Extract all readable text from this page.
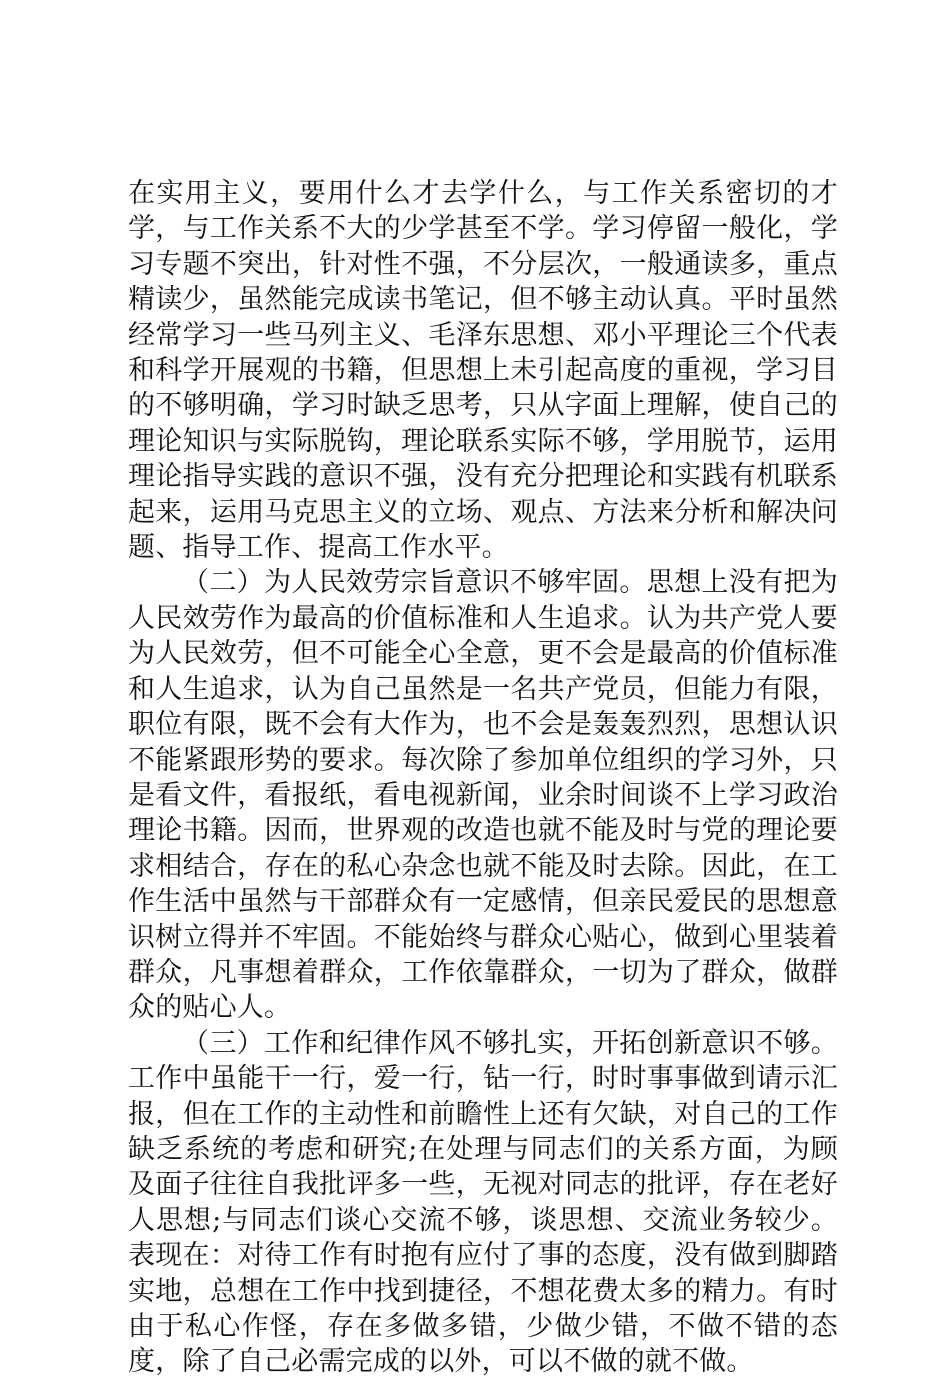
在实用主义，要用什么才去学什么，与工作关系密切的才学，与工作关系不大的少学甚至不学。学习停留一般化，学习专题不突出，针对性不强，不分层次，一般通读多，重点精读少，虽然能完成读书笔记，但不够主动认真。平时虽然经常学习一些马列主义、毛泽东思想、邓小平理论三个代表和科学开展观的书籍，但思想上未引起高度的重视，学习目的不够明确，学习时缺乏思考，只从字面上理解，使自己的理论知识与实际脱钩，理论联系实际不够，学用脱节，运用理论指导实践的意识不强，没有充分把理论和实践有机联系起来，运用马克思主义的立场、观点、方法来分析和解决问题、指导工作、提高工作水平。

（二）为人民效劳宗旨意识不够牢固。思想上没有把为人民效劳作为最高的价值标准和人生追求。认为共产党人要为人民效劳，但不可能全心全意，更不会是最高的价值标准和人生追求，认为自己虽然是一名共产党员，但能力有限，职位有限，既不会有大作为，也不会是轰轰烈烈，思想认识不能紧跟形势的要求。每次除了参加单位组织的学习外，只是看文件，看报纸，看电视新闻，业余时间谈不上学习政治理论书籍。因而，世界观的改造也就不能及时与党的理论要求相结合，存在的私心杂念也就不能及时去除。因此，在工作生活中虽然与干部群众有一定感情，但亲民爱民的思想意识树立得并不牢固。不能始终与群众心贴心，做到心里装着群众，凡事想着群众，工作依靠群众，一切为了群众，做群众的贴心人。

（三）工作和纪律作风不够扎实，开拓创新意识不够。工作中虽能干一行，爱一行，钻一行，时时事事做到请示汇报，但在工作的主动性和前瞻性上还有欠缺，对自己的工作缺乏系统的考虑和研究;在处理与同志们的关系方面，为顾及面子往往自我批评多一些，无视对同志的批评，存在老好人思想;与同志们谈心交流不够，谈思想、交流业务较少。表现在：对待工作有时抱有应付了事的态度，没有做到脚踏实地，总想在工作中找到捷径，不想花费太多的精力。有时由于私心作怪，存在多做多错，少做少错，不做不错的态度，除了自己必需完成的以外，可以不做的就不做。
